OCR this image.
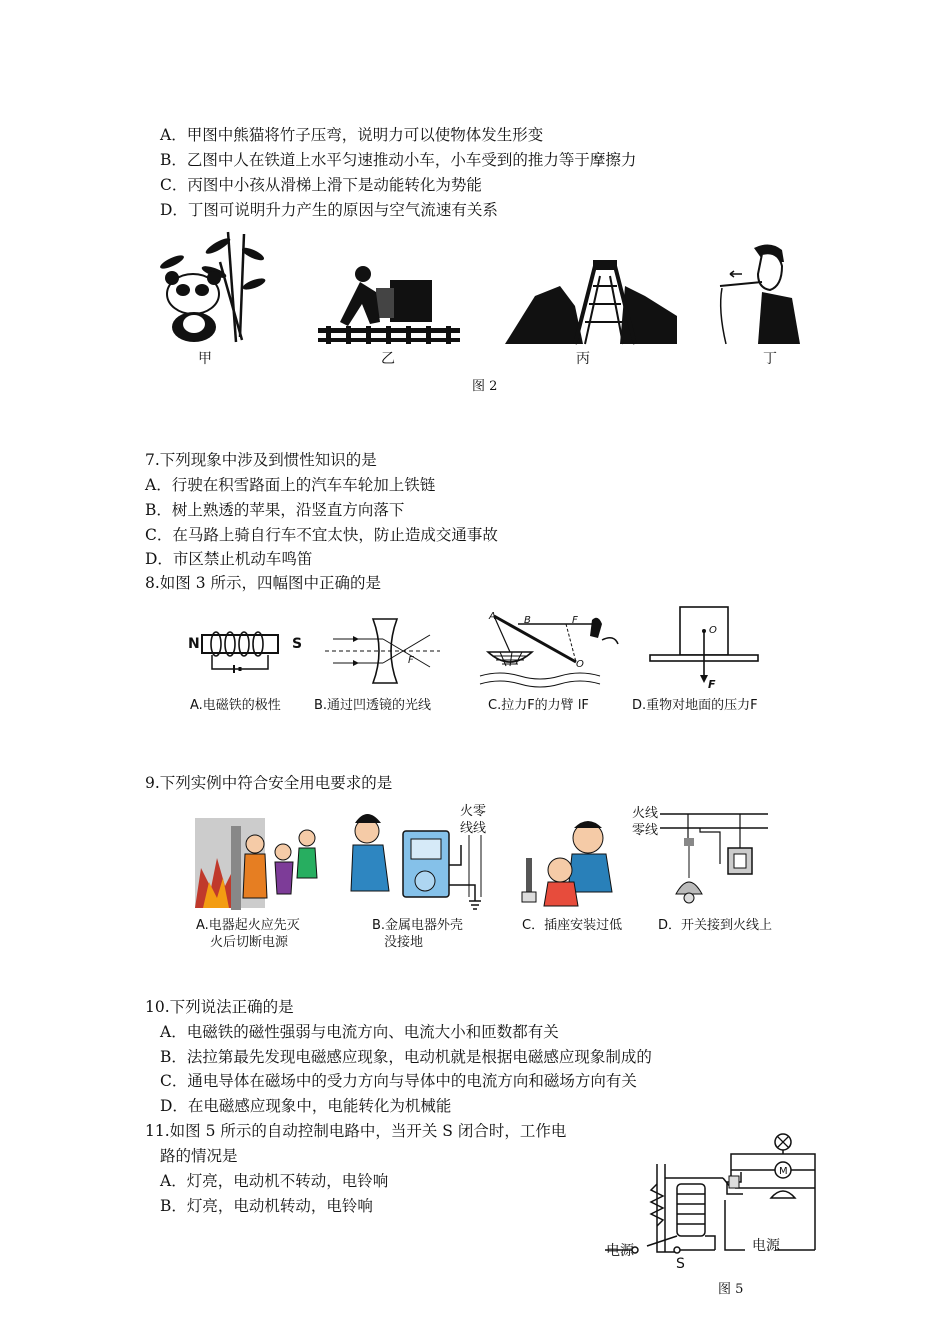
A．甲图中熊猫将竹子压弯，说明力可以使物体发生形变
B．乙图中人在铁道上水平匀速推动小车，小车受到的推力等于摩擦力
C．丙图中小孩从滑梯上滑下是动能转化为势能
D．丁图可说明升力产生的原因与空气流速有关系
甲	乙	丙	丁
图 2
7.下列现象中涉及到惯性知识的是
A．行驶在积雪路面上的汽车车轮加上铁链
B．树上熟透的苹果，沿竖直方向落下
C．在马路上骑自行车不宜太快，防止造成交通事故
D．市区禁止机动车鸣笛
8.如图 3 所示，四幅图中正确的是
N	S
F
A	B	F
O
O
F
A.电磁铁的极性	B.通过凹透镜的光线	C.拉力F的力臂 lF	D.重物对地面的压力F
9.下列实例中符合安全用电要求的是
火零
线线
火线
零线
A.电器起火应先灭
火后切断电源
B.金属电器外壳
没接地
C．插座安装过低	D．开关接到火线上
10.下列说法正确的是
A．电磁铁的磁性强弱与电流方向、电流大小和匝数都有关
B．法拉第最先发现电磁感应现象，电动机就是根据电磁感应现象制成的
C．通电导体在磁场中的受力方向与导体中的电流方向和磁场方向有关
D．在电磁感应现象中，电能转化为机械能
11.如图 5 所示的自动控制电路中，当开关 S 闭合时，工作电
路的情况是
A．灯亮，电动机不转动，电铃响
B．灯亮，电动机转动，电铃响
M
电源	电源
S
图 5
